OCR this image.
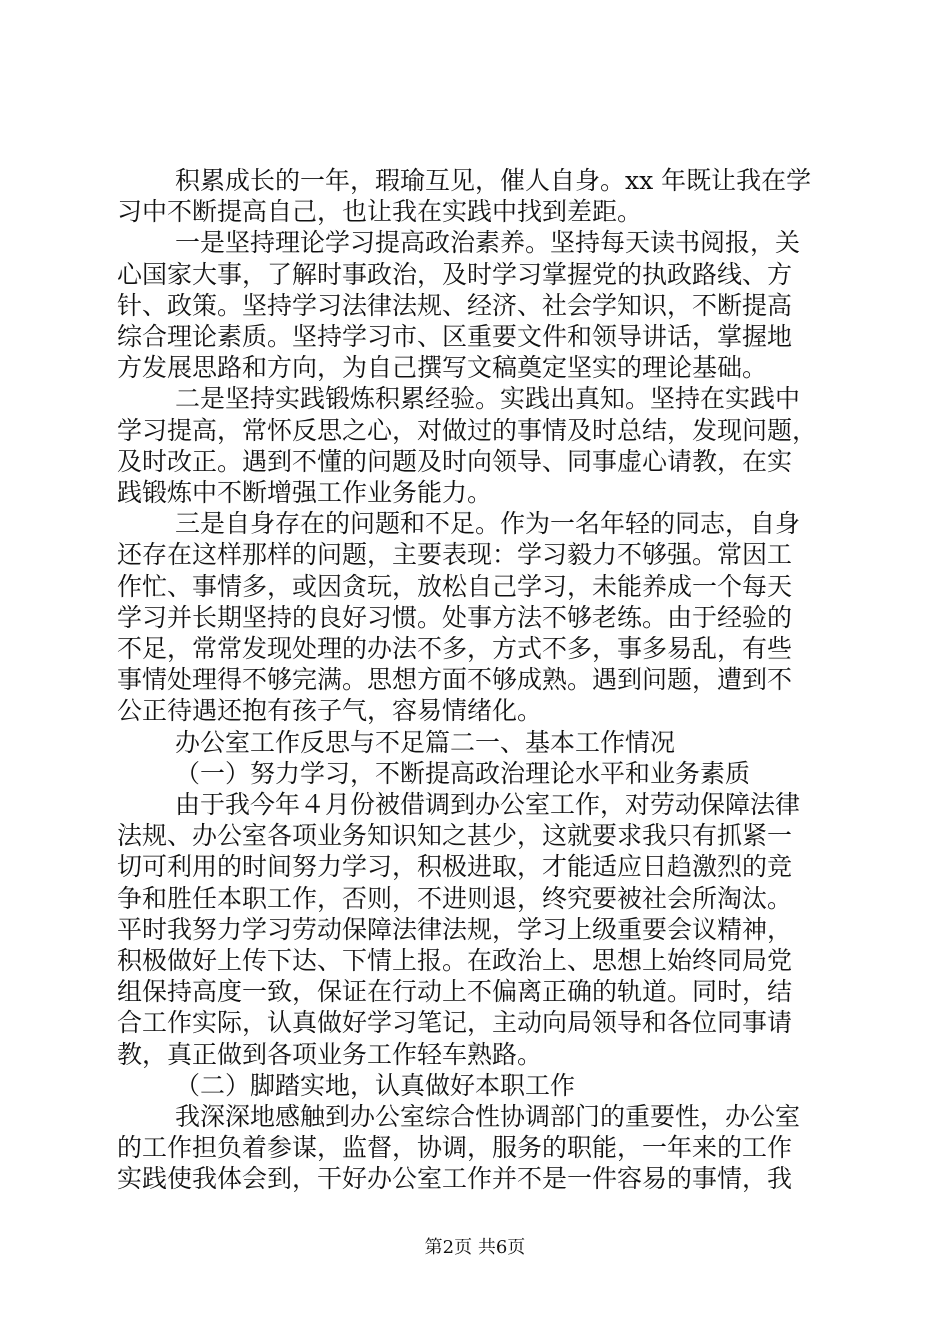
积累成长的一年，瑕瑜互见，催人自身。xx 年既让我在学
习中不断提高自己，也让我在实践中找到差距。
一是坚持理论学习提高政治素养。坚持每天读书阅报，关
心国家大事，了解时事政治，及时学习掌握党的执政路线、方
针、政策。坚持学习法律法规、经济、社会学知识，不断提高
综合理论素质。坚持学习市、区重要文件和领导讲话，掌握地
方发展思路和方向，为自己撰写文稿奠定坚实的理论基础。
二是坚持实践锻炼积累经验。实践出真知。坚持在实践中
学习提高，常怀反思之心，对做过的事情及时总结，发现问题，
及时改正。遇到不懂的问题及时向领导、同事虚心请教，在实
践锻炼中不断增强工作业务能力。
三是自身存在的问题和不足。作为一名年轻的同志，自身
还存在这样那样的问题，主要表现：学习毅力不够强。常因工
作忙、事情多，或因贪玩，放松自己学习，未能养成一个每天
学习并长期坚持的良好习惯。处事方法不够老练。由于经验的
不足，常常发现处理的办法不多，方式不多，事多易乱，有些
事情处理得不够完满。思想方面不够成熟。遇到问题，遭到不
公正待遇还抱有孩子气，容易情绪化。
办公室工作反思与不足篇二一、基本工作情况
（一）努力学习，不断提高政治理论水平和业务素质
由于我今年４月份被借调到办公室工作，对劳动保障法律
法规、办公室各项业务知识知之甚少，这就要求我只有抓紧一
切可利用的时间努力学习，积极进取，才能适应日趋激烈的竞
争和胜任本职工作，否则，不进则退，终究要被社会所淘汰。
平时我努力学习劳动保障法律法规，学习上级重要会议精神，
积极做好上传下达、下情上报。在政治上、思想上始终同局党
组保持高度一致，保证在行动上不偏离正确的轨道。同时，结
合工作实际，认真做好学习笔记，主动向局领导和各位同事请
教，真正做到各项业务工作轻车熟路。
（二）脚踏实地，认真做好本职工作
我深深地感触到办公室综合性协调部门的重要性，办公室
的工作担负着参谋，监督，协调，服务的职能，一年来的工作
实践使我体会到，干好办公室工作并不是一件容易的事情，我
第2页 共6页
